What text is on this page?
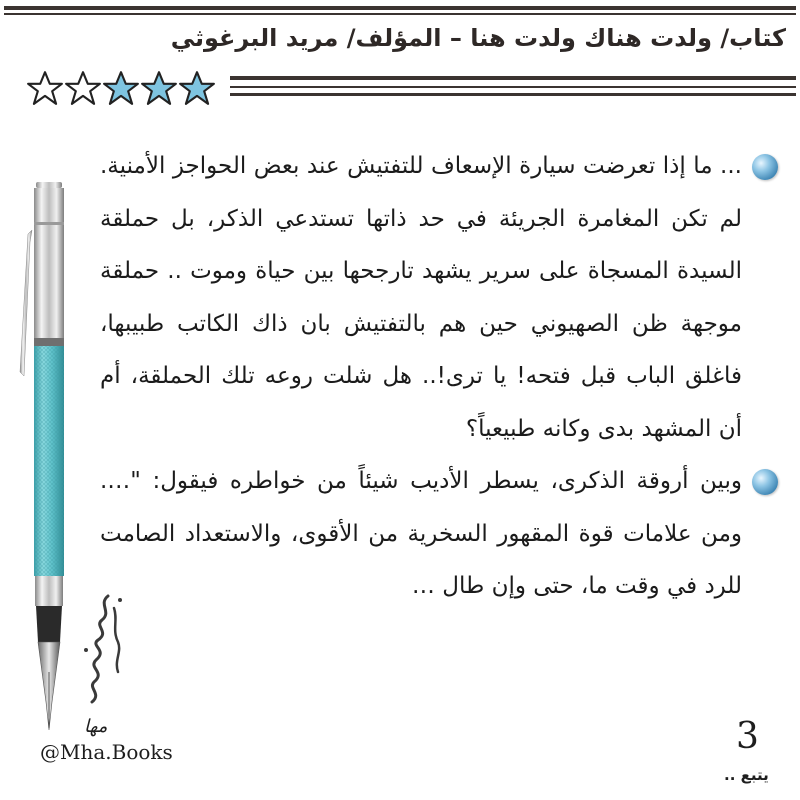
كتاب/ ولدت هناك ولدت هنا – المؤلف/ مريد البرغوثي

... ما إذا تعرضت سيارة الإسعاف للتفتيش عند بعض الحواجز الأمنية. لم تكن المغامرة الجريئة في حد ذاتها تستدعي الذكر، بل حملقة السيدة المسجاة على سرير يشهد تارجحها بين حياة وموت .. حملقة موجهة ظن الصهيوني حين هم بالتفتيش بان ذاك الكاتب طبيبها، فاغلق الباب قبل فتحه! يا ترى!.. هل شلت روعه تلك الحملقة، أم أن المشهد بدى وكانه طبيعياً؟

وبين أروقة الذكرى، يسطر الأديب شيئاً من خواطره فيقول: "…. ومن علامات قوة المقهور السخرية من الأقوى، والاستعداد الصامت للرد في وقت ما، حتى وإن طال …

مها
@Mha.Books	3
يتبع ..
